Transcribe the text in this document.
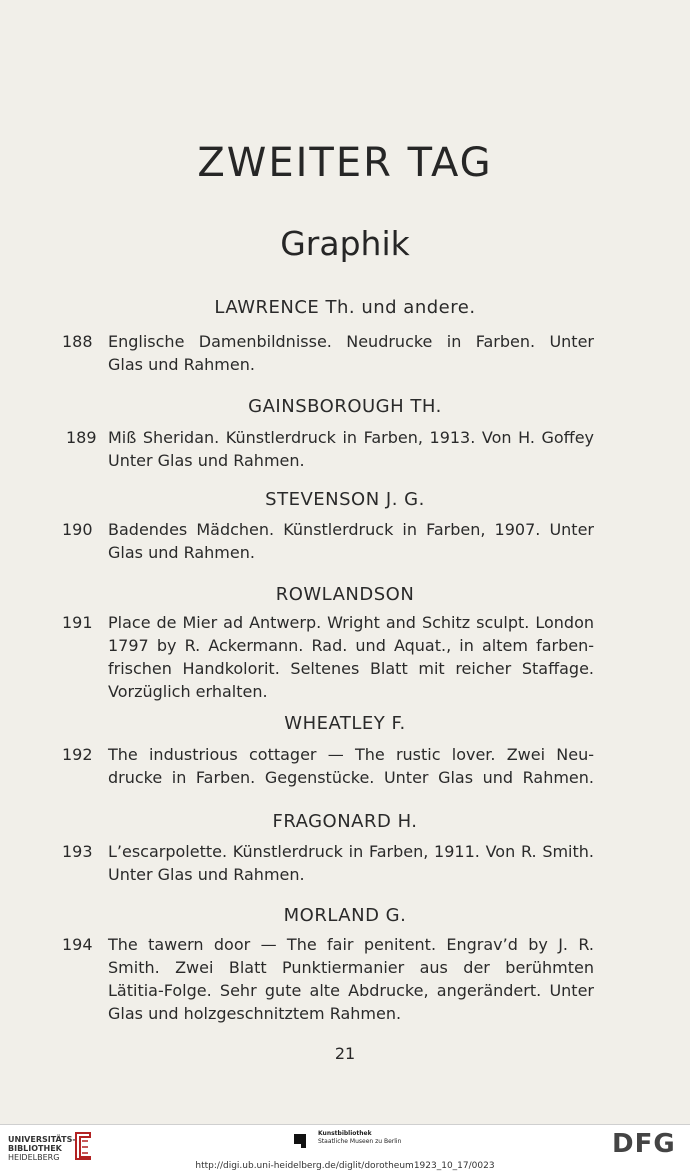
ZWEITER TAG
Graphik
LAWRENCE Th. und andere.
188 Englische Damenbildnisse. Neudrucke in Farben. Unter
Glas und Rahmen.
GAINSBOROUGH TH.
189 Miß Sheridan. Künstlerdruck in Farben, 1913. Von H. Goffey
Unter Glas und Rahmen.
STEVENSON J. G.
190 Badendes Mädchen. Künstlerdruck in Farben, 1907. Unter
Glas und Rahmen.
ROWLANDSON
191 Place de Mier ad Antwerp. Wright and Schitz sculpt. London
1797 by R. Ackermann. Rad. und Aquat., in altem farben-
frischen Handkolorit. Seltenes Blatt mit reicher Staffage.
Vorzüglich erhalten.
WHEATLEY F.
192 The industrious cottager — The rustic lover. Zwei Neu-
drucke in Farben. Gegenstücke. Unter Glas und Rahmen.
FRAGONARD H.
193 L’escarpolette. Künstlerdruck in Farben, 1911. Von R. Smith.
Unter Glas und Rahmen.
MORLAND G.
194 The tawern door — The fair penitent. Engrav’d by J. R.
Smith. Zwei Blatt Punktiermanier aus der berühmten
Lätitia-Folge. Sehr gute alte Abdrucke, angerändert. Unter
Glas und holzgeschnitztem Rahmen.
21
UNIVERSITÄTS-
BIBLIOTHEK
HEIDELBERG
Kunstbibliothek
Staatliche Museen zu Berlin	DFG
http://digi.ub.uni-heidelberg.de/diglit/dorotheum1923_10_17/0023
